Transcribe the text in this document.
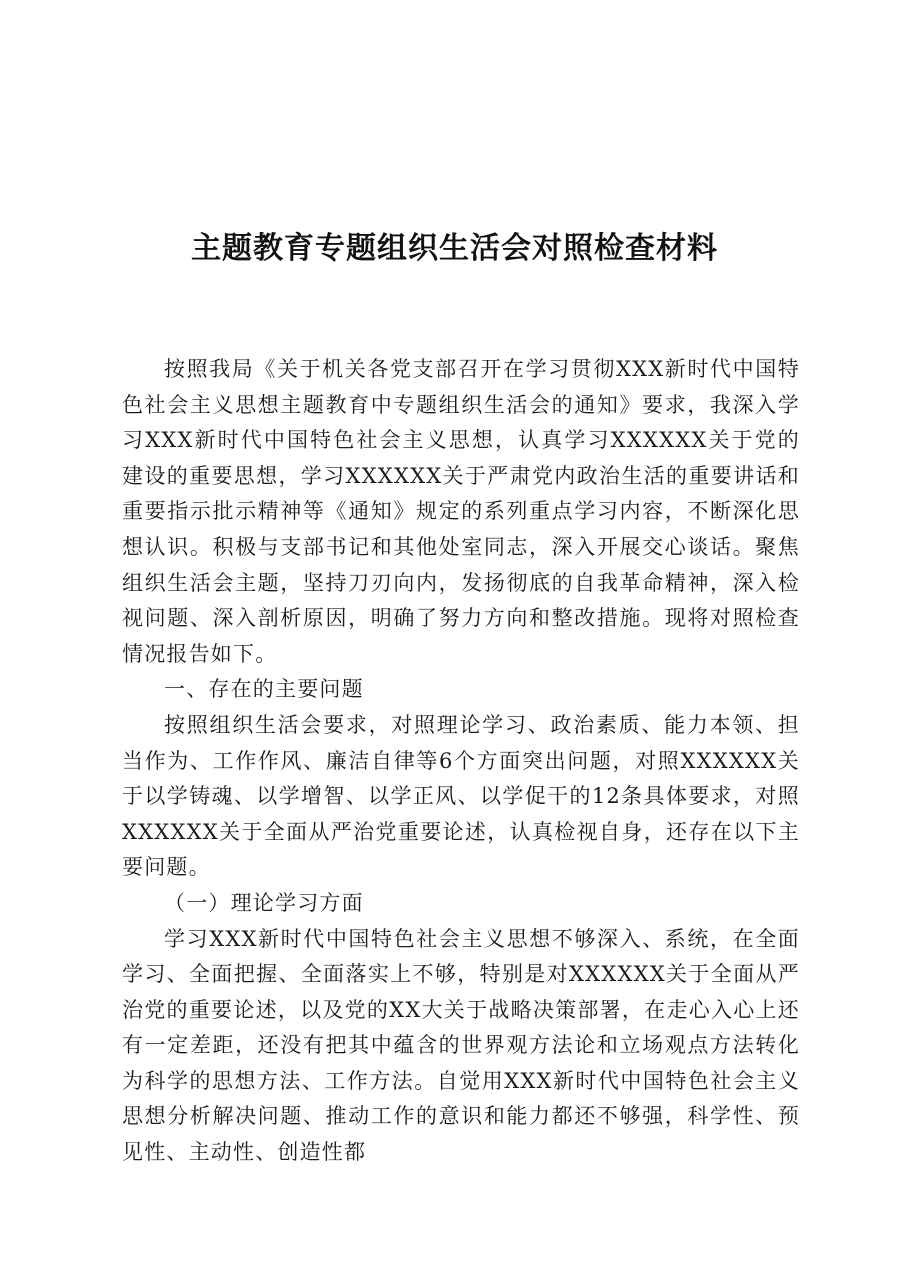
主题教育专题组织生活会对照检查材料

按照我局《关于机关各党支部召开在学习贯彻XXX新时代中国特色社会主义思想主题教育中专题组织生活会的通知》要求，我深入学习XXX新时代中国特色社会主义思想，认真学习XXXXXX关于党的建设的重要思想，学习XXXXXX关于严肃党内政治生活的重要讲话和重要指示批示精神等《通知》规定的系列重点学习内容，不断深化思想认识。积极与支部书记和其他处室同志，深入开展交心谈话。聚焦组织生活会主题，坚持刀刃向内，发扬彻底的自我革命精神，深入检视问题、深入剖析原因，明确了努力方向和整改措施。现将对照检查情况报告如下。

一、存在的主要问题

按照组织生活会要求，对照理论学习、政治素质、能力本领、担当作为、工作作风、廉洁自律等6个方面突出问题，对照XXXXXX关于以学铸魂、以学增智、以学正风、以学促干的12条具体要求，对照XXXXXX关于全面从严治党重要论述，认真检视自身，还存在以下主要问题。

（一）理论学习方面

学习XXX新时代中国特色社会主义思想不够深入、系统，在全面学习、全面把握、全面落实上不够，特别是对XXXXXX关于全面从严治党的重要论述，以及党的XX大关于战略决策部署，在走心入心上还有一定差距，还没有把其中蕴含的世界观方法论和立场观点方法转化为科学的思想方法、工作方法。自觉用XXX新时代中国特色社会主义思想分析解决问题、推动工作的意识和能力都还不够强，科学性、预见性、主动性、创造性都
